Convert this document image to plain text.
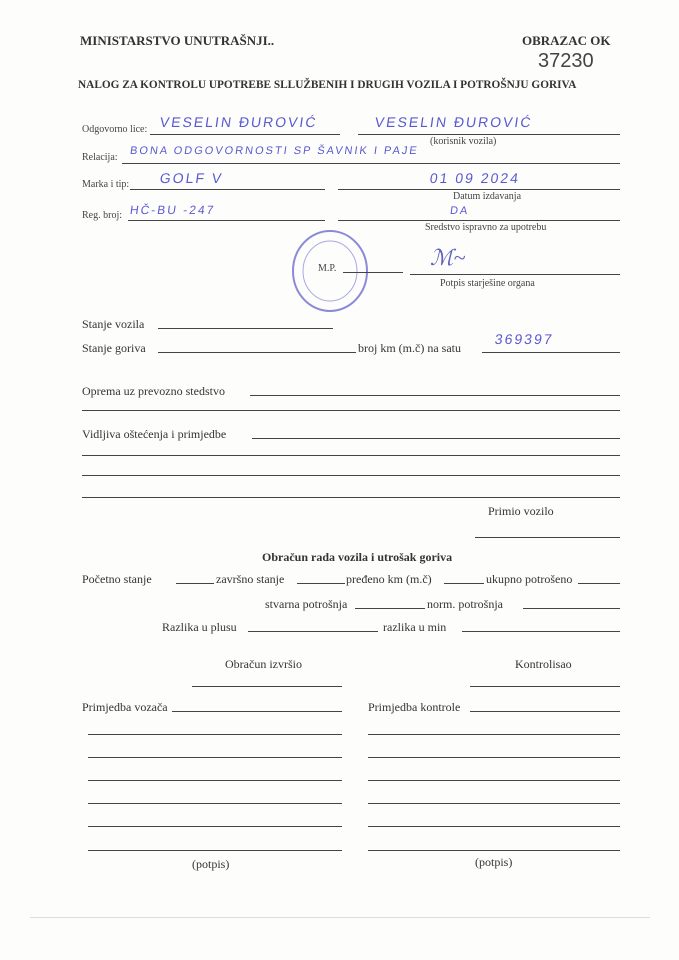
MINISTARSTVO UNUTRAŠNJI..	OBRAZAC OK
37230
NALOG ZA KONTROLU UPOTREBE SLLUŽBENIH I DRUGIH VOZILA I POTROŠNJU GORIVA
Odgovorno lice: VESELIN ĐUROVIĆ	VESELIN ĐUROVIĆ
(korisnik vozila)
Relacija:
BONA ODGOVORNOSTI SP ŠAVNIK I PAJE
Marka i tip: GOLF V	01 09 2024
Datum izdavanja
Reg. broj: HČ-BU -247	DA
Sredstvo ispravno za upotrebu
M.P.	ℳ~
Potpis starješine organa
Stanje vozila
Stanje goriva	broj km (m.č) na satu
369397
Oprema uz prevozno stedstvo
Vidljiva oštećenja i primjedbe
Primio vozilo
Obračun rada vozila i utrošak goriva
Početno stanje	završno stanje	pređeno km (m.č)	ukupno potrošeno
stvarna potrošnja	norm. potrošnja
Razlika u plusu	razlika u min
Obračun izvršio	Kontrolisao
Primjedba vozača	Primjedba kontrole
(potpis)	(potpis)
